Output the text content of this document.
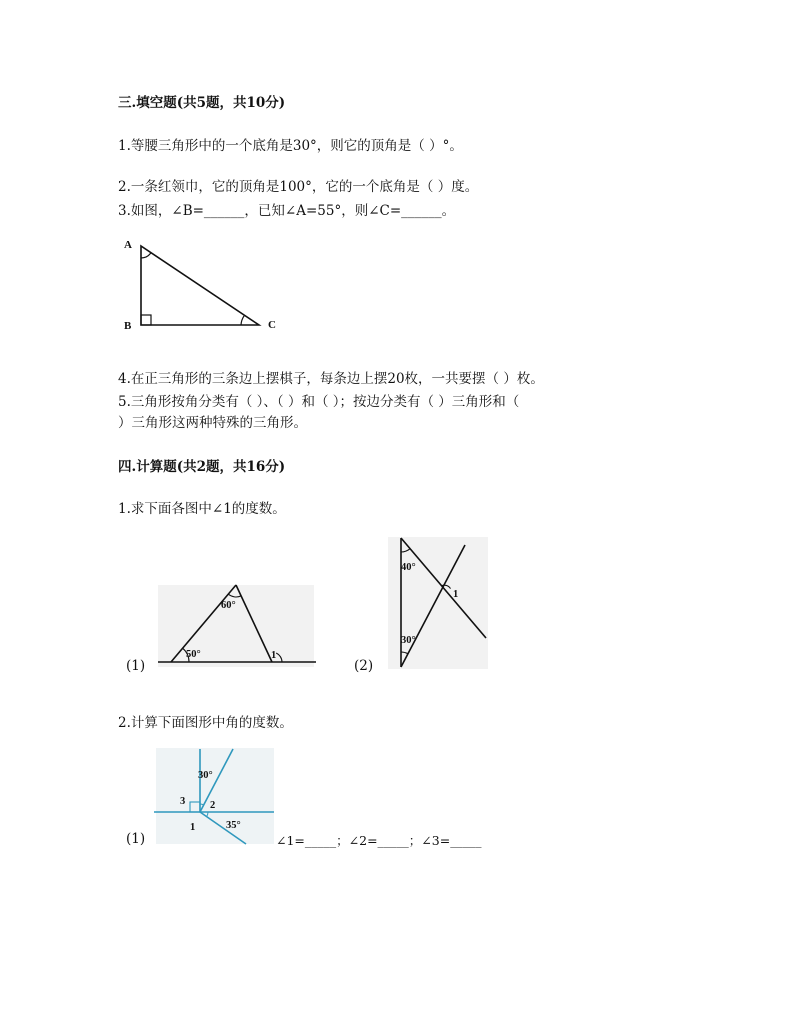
三.填空题(共5题，共10分)
1.等腰三角形中的一个底角是30°，则它的顶角是（ ）°。
2.一条红领巾，它的顶角是100°，它的一个底角是（ ）度。
3.如图，∠B=______，已知∠A=55°，则∠C=______。
A
B	C
4.在正三角形的三条边上摆棋子，每条边上摆20枚，一共要摆（ ）枚。
5.三角形按角分类有（ ）、（ ）和（ ）；按边分类有（ ）三角形和（
）三角形这两种特殊的三角形。
四.计算题(共2题，共16分)
1.求下面各图中∠1的度数。
(1)
60°
50°	1
(2)
40°
30°
1
2.计算下面图形中角的度数。
(1)
30°
35°
1
2
3
∠1=_____；∠2=_____；∠3=_____
